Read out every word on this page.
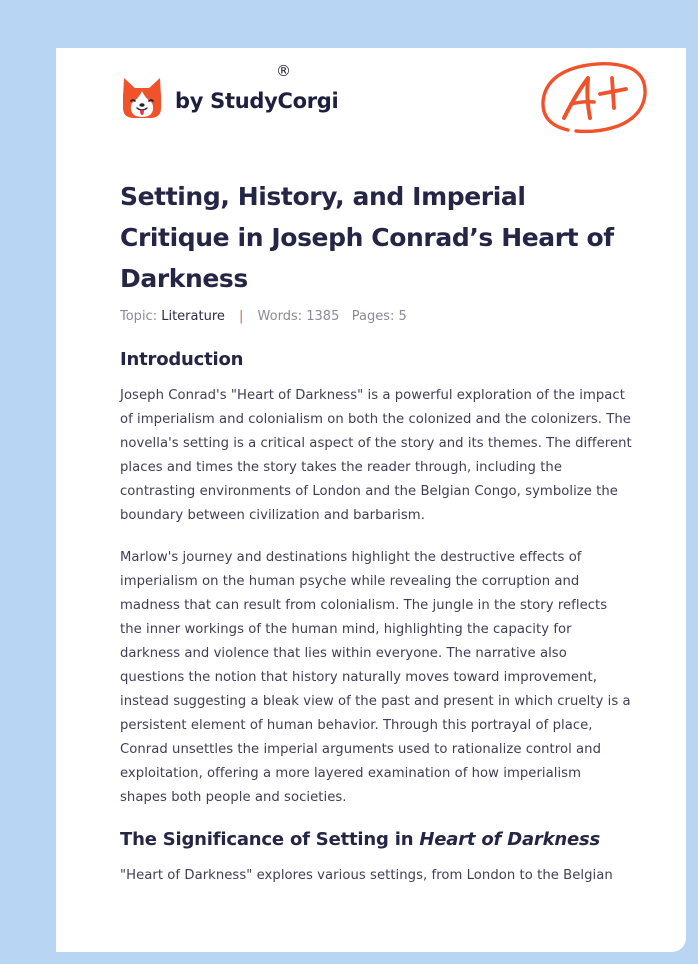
by StudyCorgi
®
Setting, History, and Imperial Critique in Joseph Conrad’s Heart of Darkness
Topic: Literature | Words: 1385 Pages: 5
Introduction

Joseph Conrad's "Heart of Darkness" is a powerful exploration of the impact of imperialism and colonialism on both the colonized and the colonizers. The novella's setting is a critical aspect of the story and its themes. The different places and times the story takes the reader through, including the contrasting environments of London and the Belgian Congo, symbolize the boundary between civilization and barbarism.

Marlow's journey and destinations highlight the destructive effects of imperialism on the human psyche while revealing the corruption and madness that can result from colonialism. The jungle in the story reflects the inner workings of the human mind, highlighting the capacity for darkness and violence that lies within everyone. The narrative also questions the notion that history naturally moves toward improvement, instead suggesting a bleak view of the past and present in which cruelty is a persistent element of human behavior. Through this portrayal of place, Conrad unsettles the imperial arguments used to rationalize control and exploitation, offering a more layered examination of how imperialism shapes both people and societies.

The Significance of Setting in Heart of Darkness

"Heart of Darkness" explores various settings, from London to the Belgian
